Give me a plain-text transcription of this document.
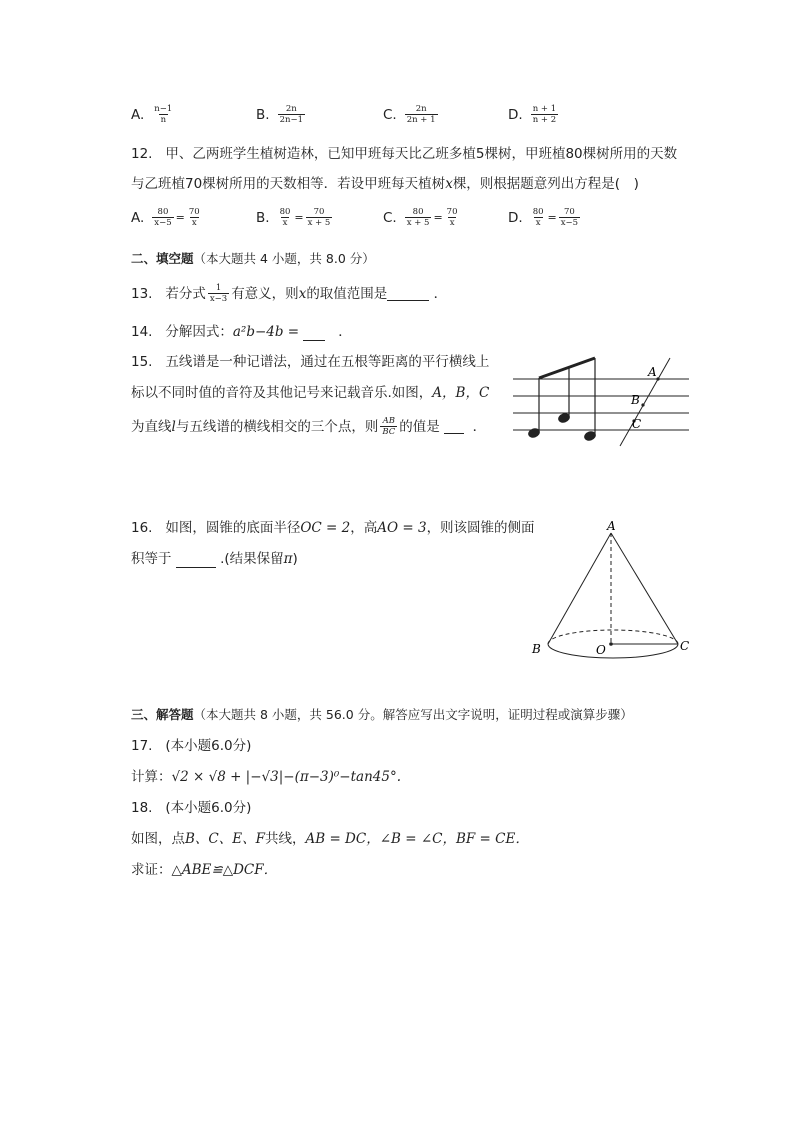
A. $\frac{n-1}{n}$	B. $\frac{2n}{2n-1}$	C. $\frac{2n}{2n + 1}$	D. $\frac{n + 1}{n + 2}$
12. 甲、乙两班学生植树造林，已知甲班每天比乙班多植5棵树，甲班植80棵树所用的天数
与乙班植70棵树所用的天数相等．若设甲班每天植树x棵，则根据题意列出方程是(　)
A. $\frac{80}{x-5} = \frac{70}{x}$	B. $\frac{80}{x} = \frac{70}{x + 5}$	C. $\frac{80}{x + 5} = \frac{70}{x}$	D. $\frac{80}{x} = \frac{70}{x-5}$
二、填空题（本大题共 4 小题，共 8.0 分）
13.
若分式 $\frac{1}{x-3}$ 有意义，则 x 的取值范围是
	．
14. 分解因式：a²b−4b =	．
15. 五线谱是一种记谱法，通过在五根等距离的平行横线上
标以不同时值的音符及其他记号来记载音乐.如图，A，B，C
为直线 l 与五线谱的横线相交的三个点，则 $\frac{AB}{BC}$ 的值是

．
A
B
C
16. 如图，圆锥的底面半径OC = 2，高AO = 3，则该圆锥的侧面
积等于	.(结果保留π)
A
B	O	C
三、解答题（本大题共 8 小题，共 56.0 分。解答应写出文字说明，证明过程或演算步骤）
17. (本小题6.0分)
计算：√2 × √8 + |−√3|−(π−3)⁰−tan45°.
18. (本小题6.0分)
如图，点B、C、E、F共线，AB = DC，∠B = ∠C，BF = CE．
求证：△ABE≌△DCF．
